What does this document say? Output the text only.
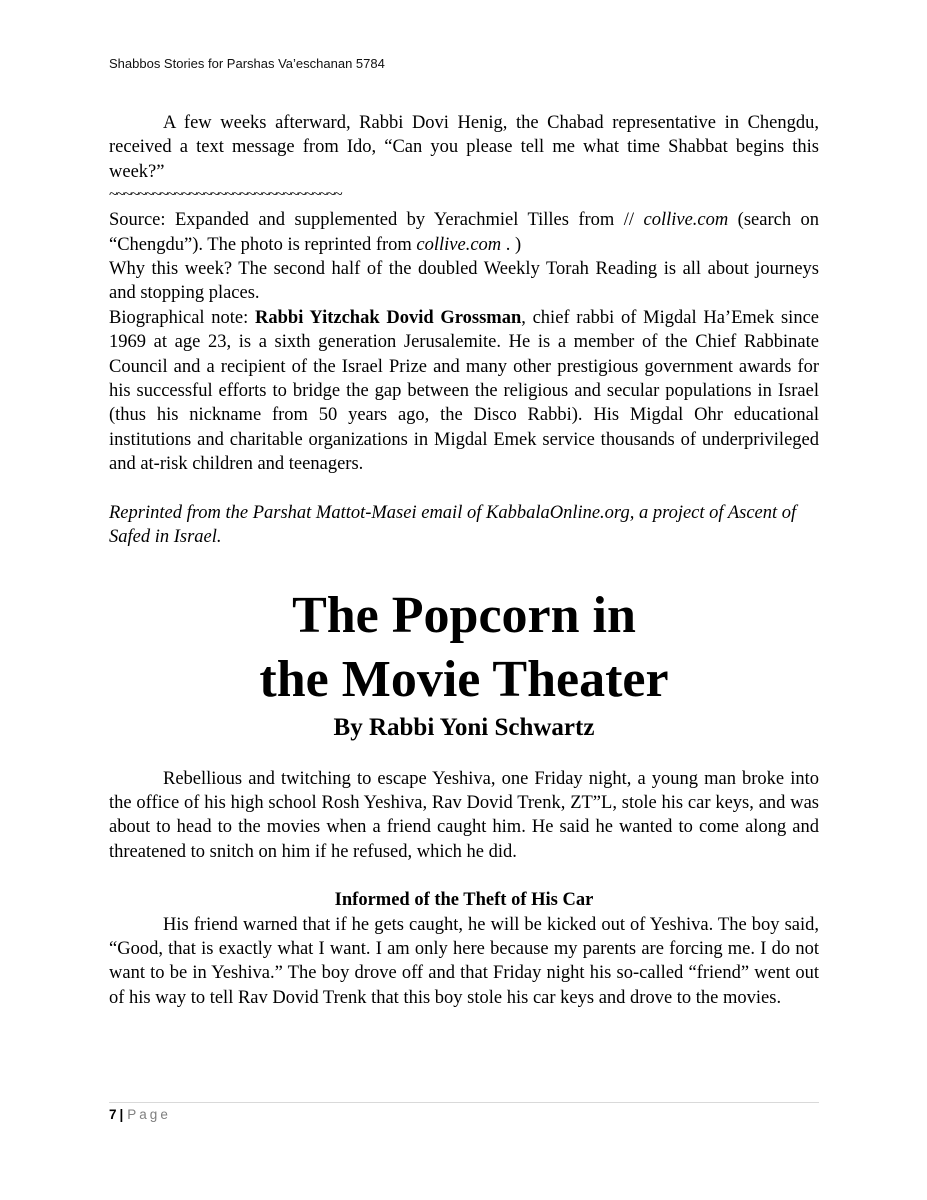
Shabbos Stories for Parshas Va’eschanan 5784

A few weeks afterward, Rabbi Dovi Henig, the Chabad representative in Chengdu, received a text message from Ido, “Can you please tell me what time Shabbat begins this week?”

~~~~~~~~~~~~~~~~~~~~~~~~~~~~~~~~

Source: Expanded and supplemented by Yerachmiel Tilles from // collive.com (search on “Chengdu”). The photo is reprinted from collive.com . )

Why this week? The second half of the doubled Weekly Torah Reading is all about journeys and stopping places.

Biographical note: Rabbi Yitzchak Dovid Grossman, chief rabbi of Migdal Ha’Emek since 1969 at age 23, is a sixth generation Jerusalemite. He is a member of the Chief Rabbinate Council and a recipient of the Israel Prize and many other prestigious government awards for his successful efforts to bridge the gap between the religious and secular populations in Israel (thus his nickname from 50 years ago, the Disco Rabbi). His Migdal Ohr educational institutions and charitable organizations in Migdal Emek service thousands of underprivileged and at-risk children and teenagers.

Reprinted from the Parshat Mattot-Masei email of KabbalaOnline.org, a project of Ascent of Safed in Israel.

The Popcorn in
the Movie Theater

By Rabbi Yoni Schwartz

Rebellious and twitching to escape Yeshiva, one Friday night, a young man broke into the office of his high school Rosh Yeshiva, Rav Dovid Trenk, ZT”L, stole his car keys, and was about to head to the movies when a friend caught him. He said he wanted to come along and threatened to snitch on him if he refused, which he did.

Informed of the Theft of His Car

His friend warned that if he gets caught, he will be kicked out of Yeshiva. The boy said, “Good, that is exactly what I want. I am only here because my parents are forcing me. I do not want to be in Yeshiva.” The boy drove off and that Friday night his so-called “friend” went out of his way to tell Rav Dovid Trenk that this boy stole his car keys and drove to the movies.

7 | Page
